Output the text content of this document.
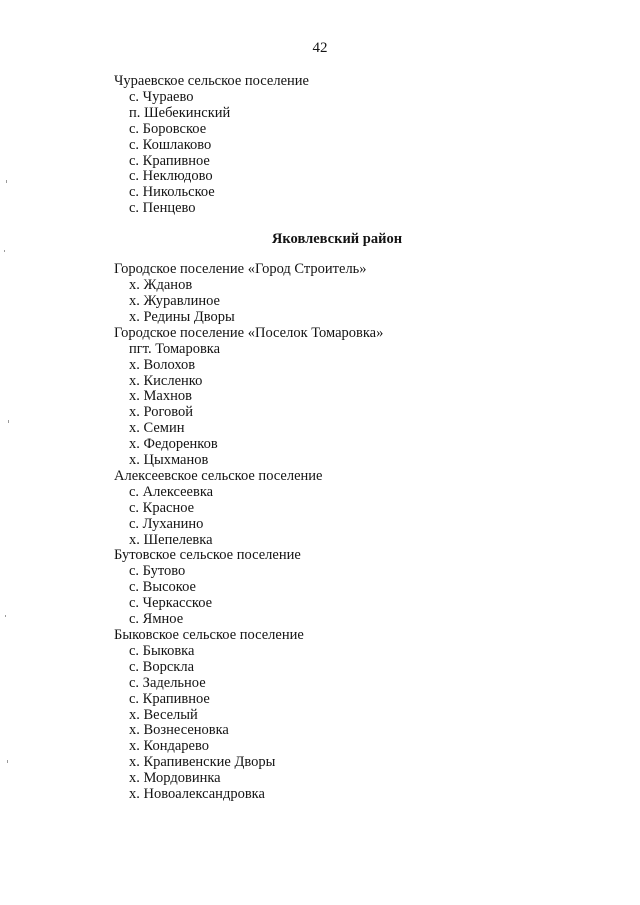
42
Чураевское сельское поселение
с. Чураево
п. Шебекинский
с. Боровское
с. Кошлаково
с. Крапивное
с. Неклюдово
с. Никольское
с. Пенцево
Яковлевский район
Городское поселение «Город Строитель»
х. Жданов
х. Журавлиное
х. Редины Дворы
Городское поселение «Поселок Томаровка»
пгт. Томаровка
х. Волохов
х. Кисленко
х. Махнов
х. Роговой
х. Семин
х. Федоренков
х. Цыхманов
Алексеевское сельское поселение
с. Алексеевка
с. Красное
с. Луханино
х. Шепелевка
Бутовское сельское поселение
с. Бутово
с. Высокое
с. Черкасское
с. Ямное
Быковское сельское поселение
с. Быковка
с. Ворскла
с. Задельное
с. Крапивное
х. Веселый
х. Вознесеновка
х. Кондарево
х. Крапивенские Дворы
х. Мордовинка
х. Новоалександровка
